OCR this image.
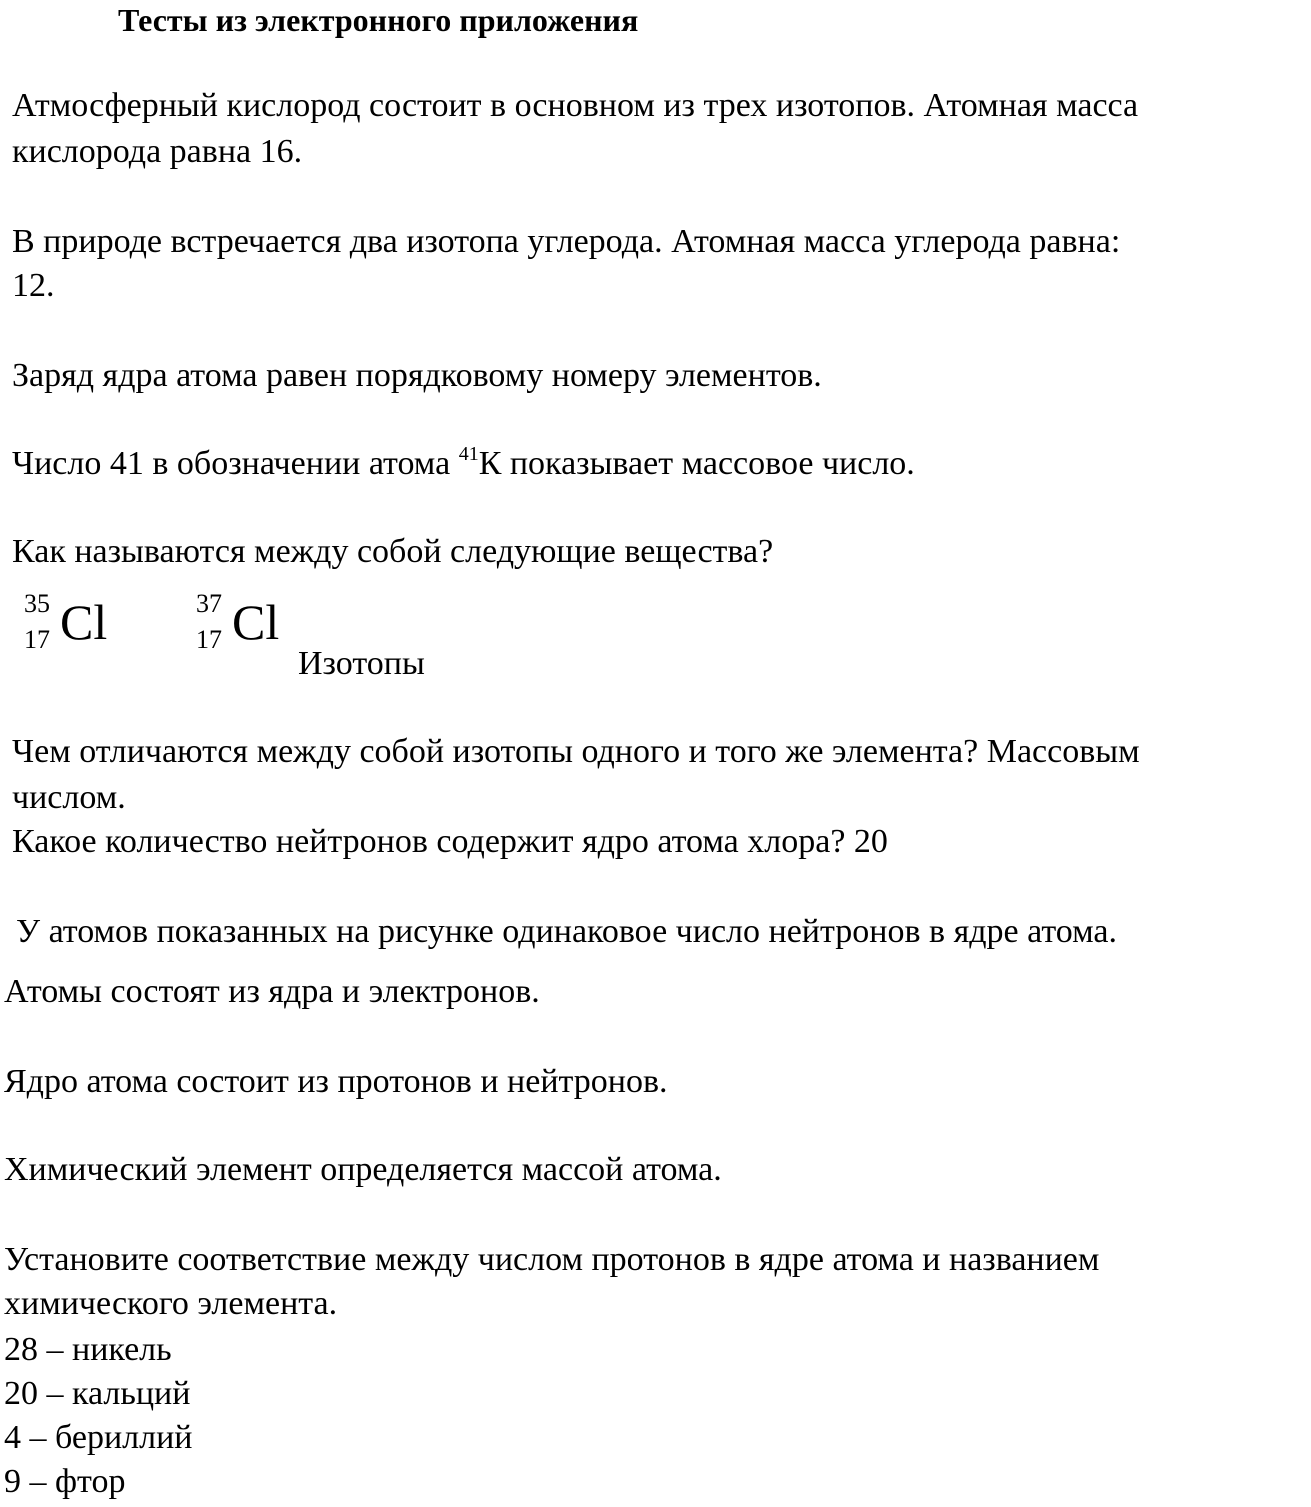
Тесты из электронного приложения
Атмосферный кислород состоит в основном из трех изотопов. Атомная масса
кислорода равна 16.
В природе встречается два изотопа углерода. Атомная масса углерода равна:
12.
Заряд ядра атома равен порядковому номеру элементов.
Число 41 в обозначении атома $^{41}$К показывает массовое число.
Как называются между собой следующие вещества?
35
17 Cl	37
17 Cl
Изотопы
Чем отличаются между собой изотопы одного и того же элемента? Массовым
числом.
Какое количество нейтронов содержит ядро атома хлора? 20
У атомов показанных на рисунке одинаковое число нейтронов в ядре атома.
Атомы состоят из ядра и электронов.
Ядро атома состоит из протонов и нейтронов.
Химический элемент определяется массой атома.
Установите соответствие между числом протонов в ядре атома и названием
химического элемента.
28 – никель
20 – кальций
4 – бериллий
9 – фтор
